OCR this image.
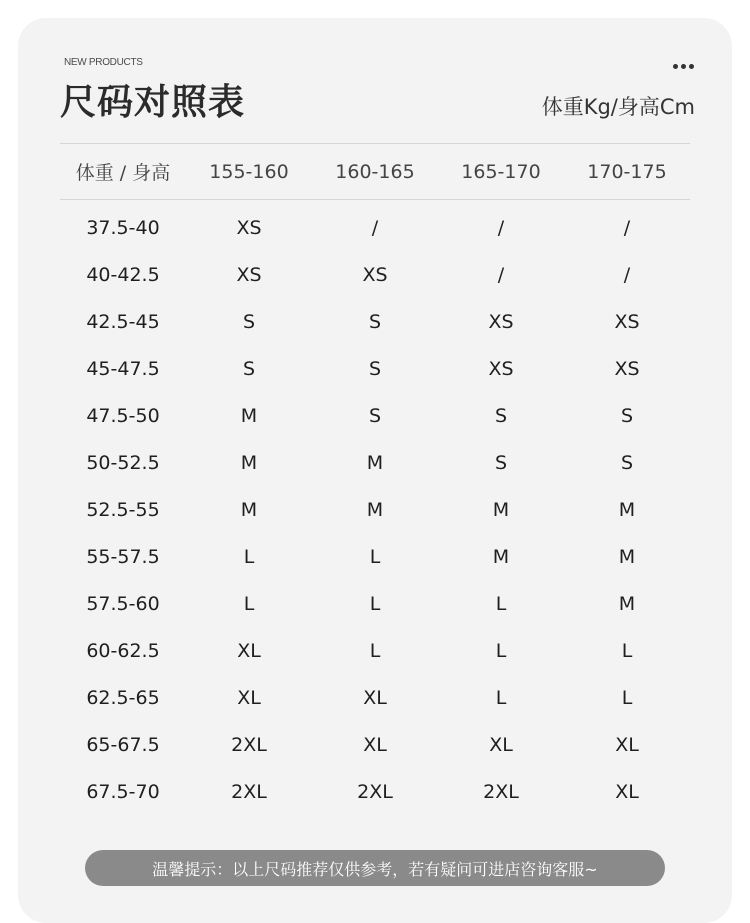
NEW PRODUCTS
尺码对照表	体重Kg/身高Cm
体重 / 身高	155-160	160-165	165-170	170-175
37.5-40	XS	/	/	/
40-42.5	XS	XS	/	/
42.5-45	S	S	XS	XS
45-47.5	S	S	XS	XS
47.5-50	M	S	S	S
50-52.5	M	M	S	S
52.5-55	M	M	M	M
55-57.5	L	L	M	M
57.5-60	L	L	L	M
60-62.5	XL	L	L	L
62.5-65	XL	XL	L	L
65-67.5	2XL	XL	XL	XL
67.5-70	2XL	2XL	2XL	XL
温馨提示：以上尺码推荐仅供参考，若有疑问可进店咨询客服~
